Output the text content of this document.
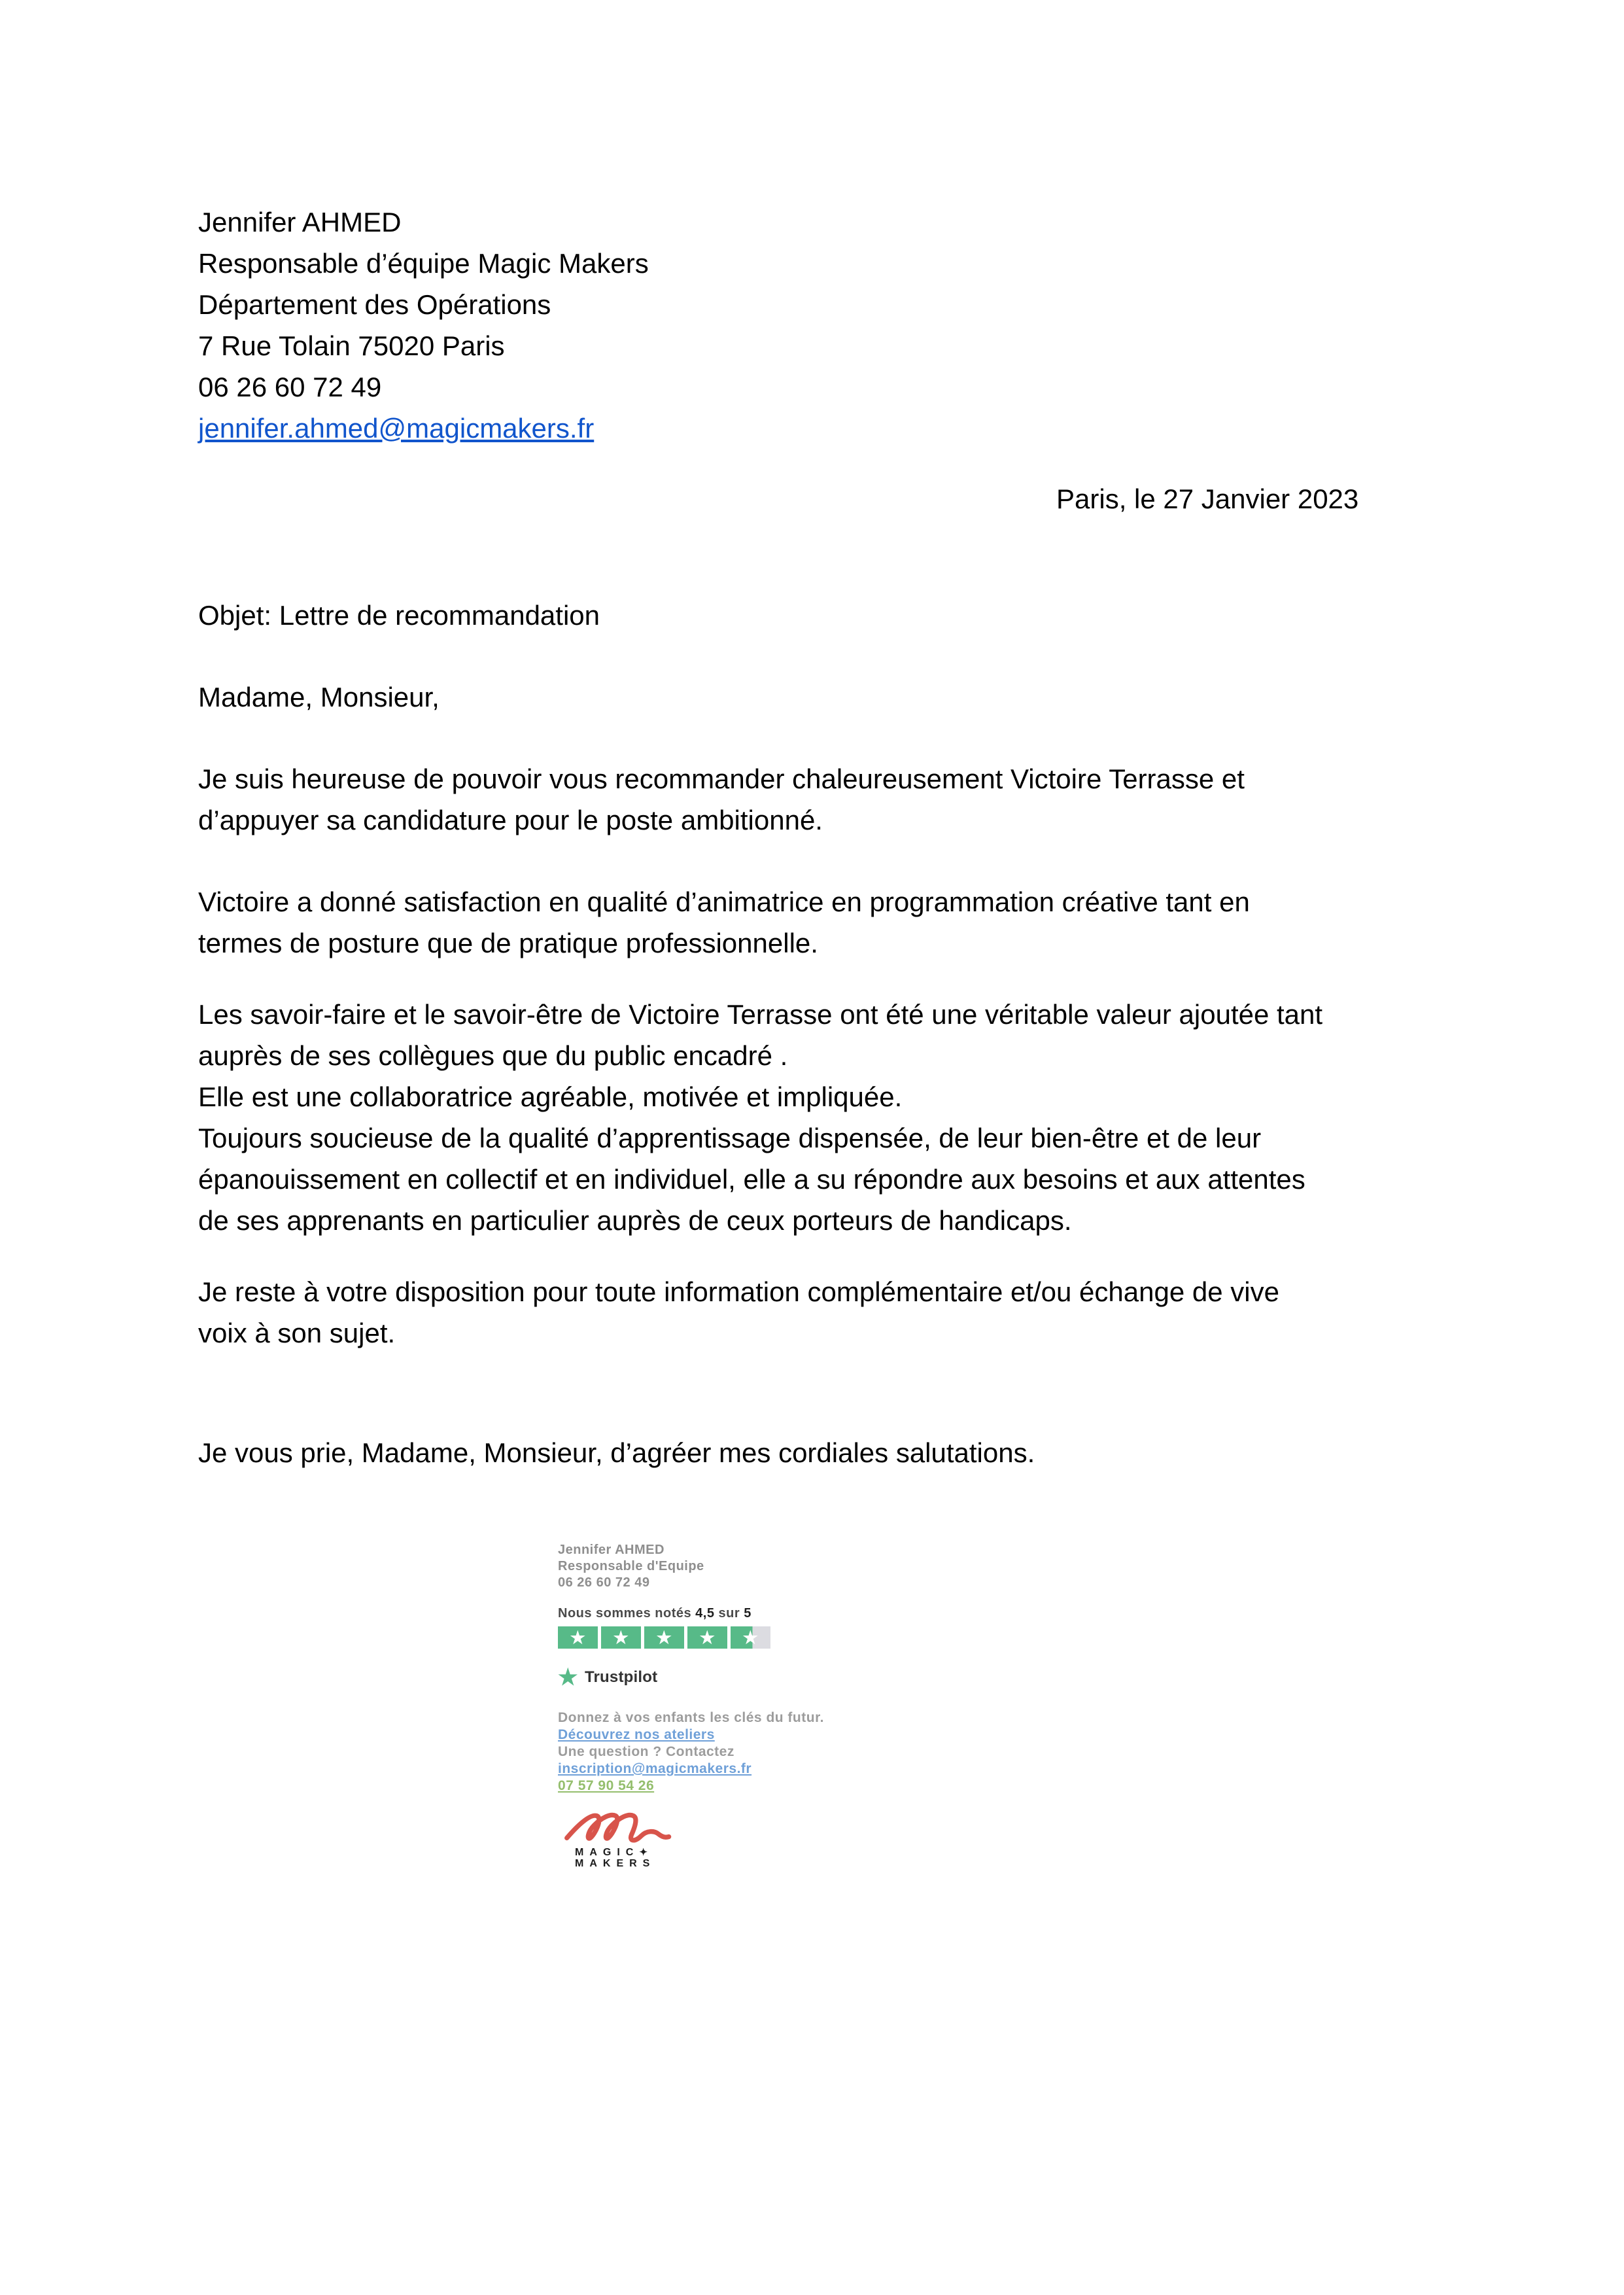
Jennifer AHMED
Responsable d’équipe Magic Makers
Département des Opérations
7 Rue Tolain 75020 Paris
06 26 60 72 49
jennifer.ahmed@magicmakers.fr
Paris, le 27 Janvier 2023
Objet: Lettre de recommandation
Madame, Monsieur,
Je suis heureuse de pouvoir vous recommander chaleureusement Victoire Terrasse et
d’appuyer sa candidature pour le poste ambitionné.
Victoire a donné satisfaction en qualité d’animatrice en programmation créative tant en
termes de posture que de pratique professionnelle.
Les savoir-faire et le savoir-être de Victoire Terrasse ont été une véritable valeur ajoutée tant
auprès de ses collègues que du public encadré .
Elle est une collaboratrice agréable, motivée et impliquée.
Toujours soucieuse de la qualité d’apprentissage dispensée, de leur bien-être et de leur
épanouissement en collectif et en individuel, elle a su répondre aux besoins et aux attentes
de ses apprenants en particulier auprès de ceux porteurs de handicaps.
Je reste à votre disposition pour toute information complémentaire et/ou échange de vive
voix à son sujet.
Je vous prie, Madame, Monsieur, d’agréer mes cordiales salutations.
Jennifer AHMED
Responsable d'Equipe
06 26 60 72 49
Nous sommes notés 4,5 sur 5
★	★	★	★	★
★ Trustpilot
Donnez à vos enfants les clés du futur.
Découvrez nos ateliers
Une question ? Contactez
inscription@magicmakers.fr
07 57 90 54 26
MAGIC✦
MAKERS
